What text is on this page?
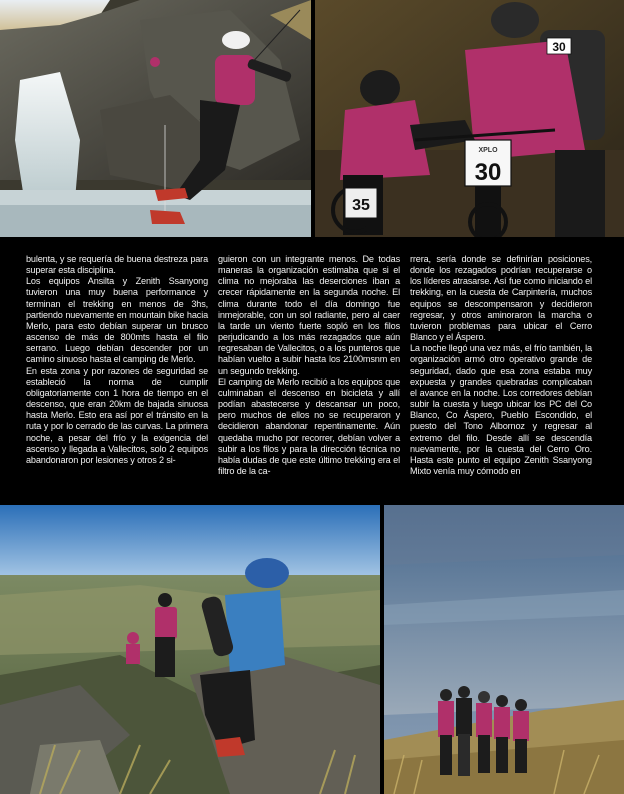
35
30
XPLO
30

bulenta, y se requería de buena destreza para superar esta disciplina.

Los equipos Ansilta y Zenith Ssanyong tuvieron una muy buena performance y terminan el trekking en menos de 3hs, partiendo nuevamente en mountain bike hacia Merlo, para esto debían superar un brusco ascenso de más de 800mts hasta el filo serrano. Luego debían descender por un camino sinuoso hasta el camping de Merlo.

En esta zona y por razones de seguridad se estableció la norma de cumplir obligatoriamente con 1 hora de tiempo en el descenso, que eran 20km de bajada sinuosa hasta Merlo. Esto era así por el tránsito en la ruta y por lo cerrado de las curvas. La primera noche, a pesar del frío y la exigencia del ascenso y llegada a Vallecitos, solo 2 equipos abandonaron por lesiones y otros 2 si-

guieron con un integrante menos. De todas maneras la organización estimaba que si el clima no mejoraba las deserciones iban a crecer rápidamente en la segunda noche. El clima durante todo el día domingo fue inmejorable, con un sol radiante, pero al caer la tarde un viento fuerte sopló en los filos perjudicando a los más rezagados que aún regresaban de Vallecitos, o a los punteros que habían vuelto a subir hasta los 2100msnm en un segundo trekking.

El camping de Merlo recibió a los equipos que culminaban el descenso en bicicleta y allí podían abastecerse y descansar un poco, pero muchos de ellos no se recuperaron y decidieron abandonar repentinamente. Aún quedaba mucho por recorrer, debían volver a subir a los filos y para la dirección técnica no había dudas de que este último trekking era el filtro de la ca-

rrera, sería donde se definirían posiciones, donde los rezagados podrían recuperarse o los líderes atrasarse. Así fue como iniciando el trekking, en la cuesta de Carpintería, muchos equipos se descompensaron y decidieron regresar, y otros aminoraron la marcha o tuvieron problemas para ubicar el Cerro Blanco y el Áspero.

La noche llegó una vez más, el frío también, la organización armó otro operativo grande de seguridad, dado que esa zona estaba muy expuesta y grandes quebradas complicaban el avance en la noche. Los corredores debían subir la cuesta y luego ubicar los PC del Co Blanco, Co Áspero, Pueblo Escondido, el puesto del Tono Albornoz y regresar al extremo del filo. Desde allí se descendía nuevamente, por la cuesta del Cerro Oro. Hasta este punto el equipo Zenith Ssanyong Mixto venía muy cómodo en
